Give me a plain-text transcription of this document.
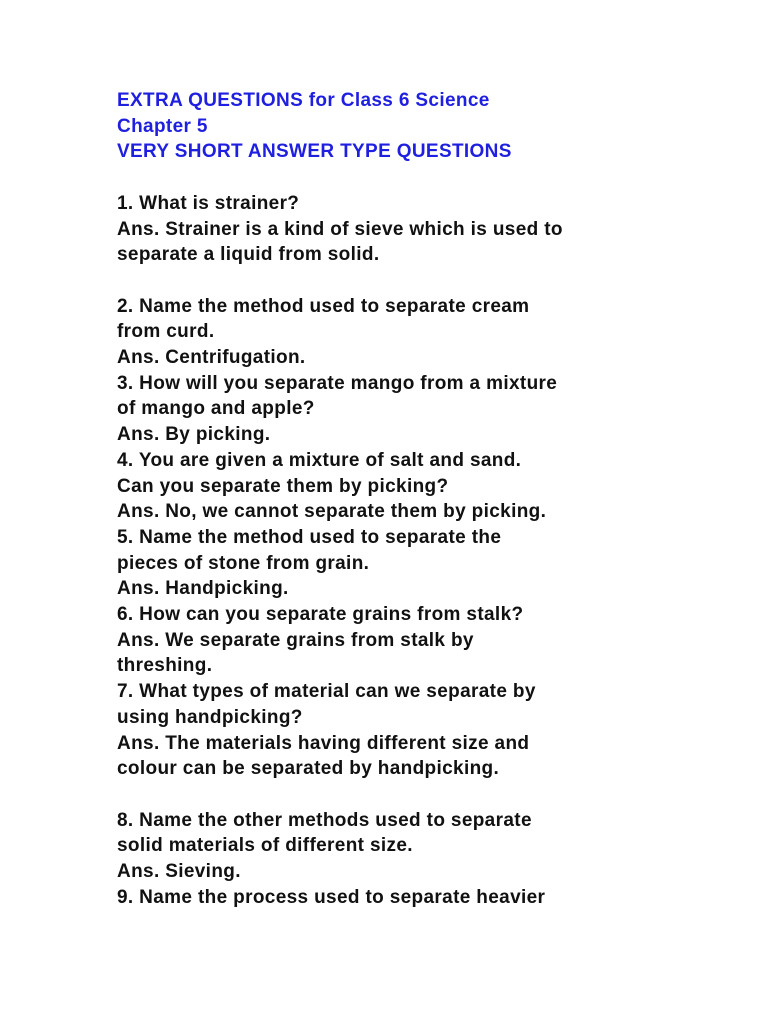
EXTRA QUESTIONS for Class 6 Science
Chapter 5
VERY SHORT ANSWER TYPE QUESTIONS
1. What is strainer?
Ans. Strainer is a kind of sieve which is used to
separate a liquid from solid.
2. Name the method used to separate cream
from curd.
Ans. Centrifugation.
3. How will you separate mango from a mixture
of mango and apple?
Ans. By picking.
4. You are given a mixture of salt and sand.
Can you separate them by picking?
Ans. No, we cannot separate them by picking.
5. Name the method used to separate the
pieces of stone from grain.
Ans. Handpicking.
6. How can you separate grains from stalk?
Ans. We separate grains from stalk by
threshing.
7. What types of material can we separate by
using handpicking?
Ans. The materials having different size and
colour can be separated by handpicking.
8. Name the other methods used to separate
solid materials of different size.
Ans. Sieving.
9. Name the process used to separate heavier
